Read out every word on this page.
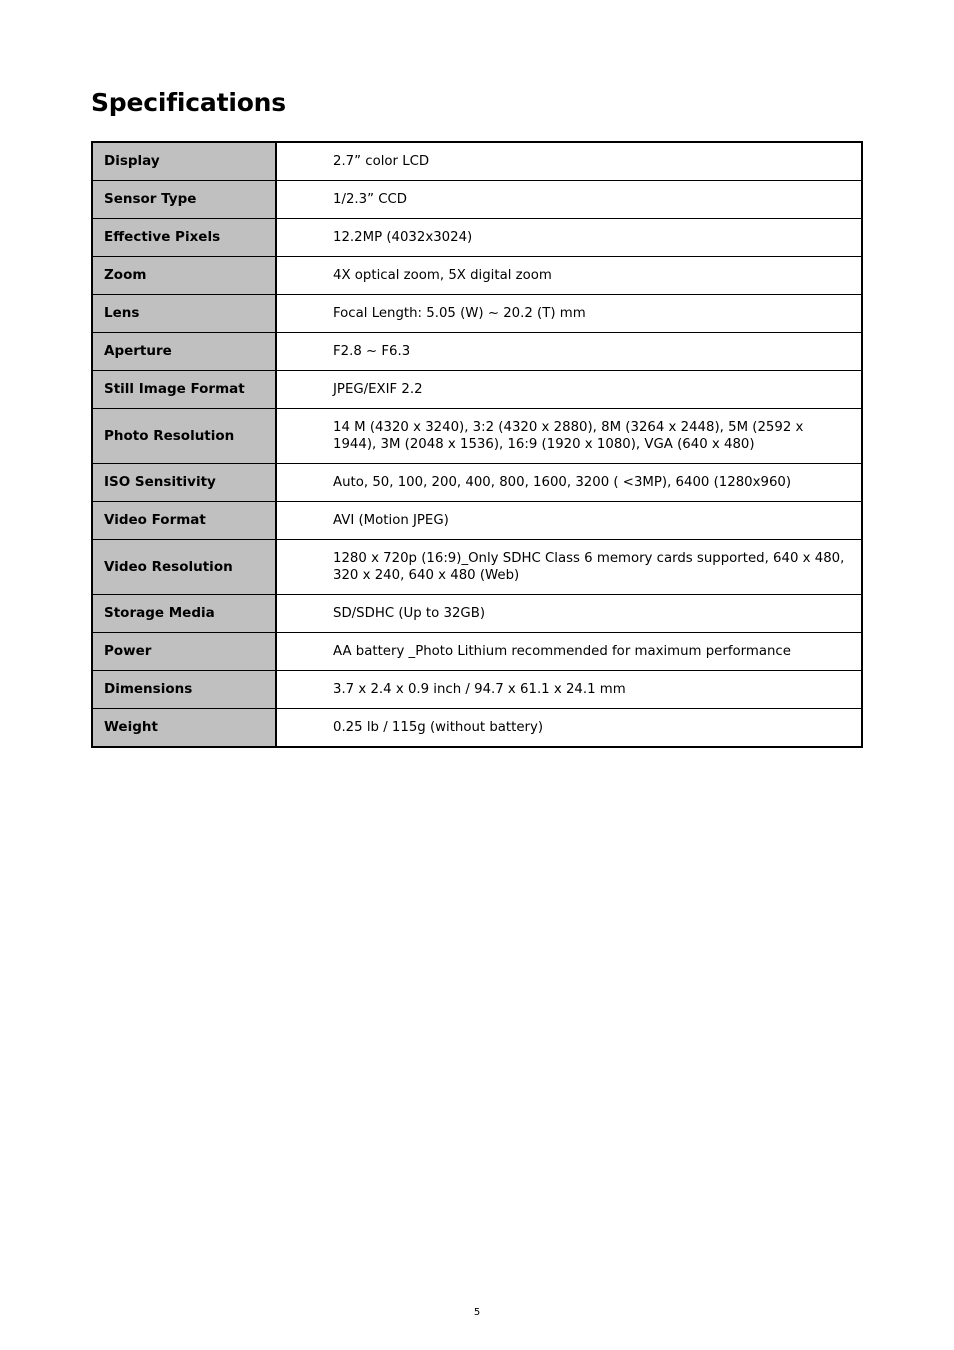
Specifications
Display	2.7” color LCD
Sensor Type	1/2.3” CCD
Effective Pixels	12.2MP (4032x3024)
Zoom	4X optical zoom, 5X digital zoom
Lens	Focal Length: 5.05 (W) ~ 20.2 (T) mm
Aperture	F2.8 ~ F6.3
Still Image Format	JPEG/EXIF 2.2
Photo Resolution	14 M (4320 x 3240), 3:2 (4320 x 2880), 8M (3264 x 2448), 5M (2592 x 1944), 3M (2048 x 1536), 16:9 (1920 x 1080), VGA (640 x 480)
ISO Sensitivity	Auto, 50, 100, 200, 400, 800, 1600, 3200 ( <3MP), 6400 (1280x960)
Video Format	AVI (Motion JPEG)
Video Resolution	1280 x 720p (16:9)_Only SDHC Class 6 memory cards supported, 640 x 480, 320 x 240, 640 x 480 (Web)
Storage Media	SD/SDHC (Up to 32GB)
Power	AA battery _Photo Lithium recommended for maximum performance
Dimensions	3.7 x 2.4 x 0.9 inch / 94.7 x 61.1 x 24.1 mm
Weight	0.25 lb / 115g (without battery)
5
